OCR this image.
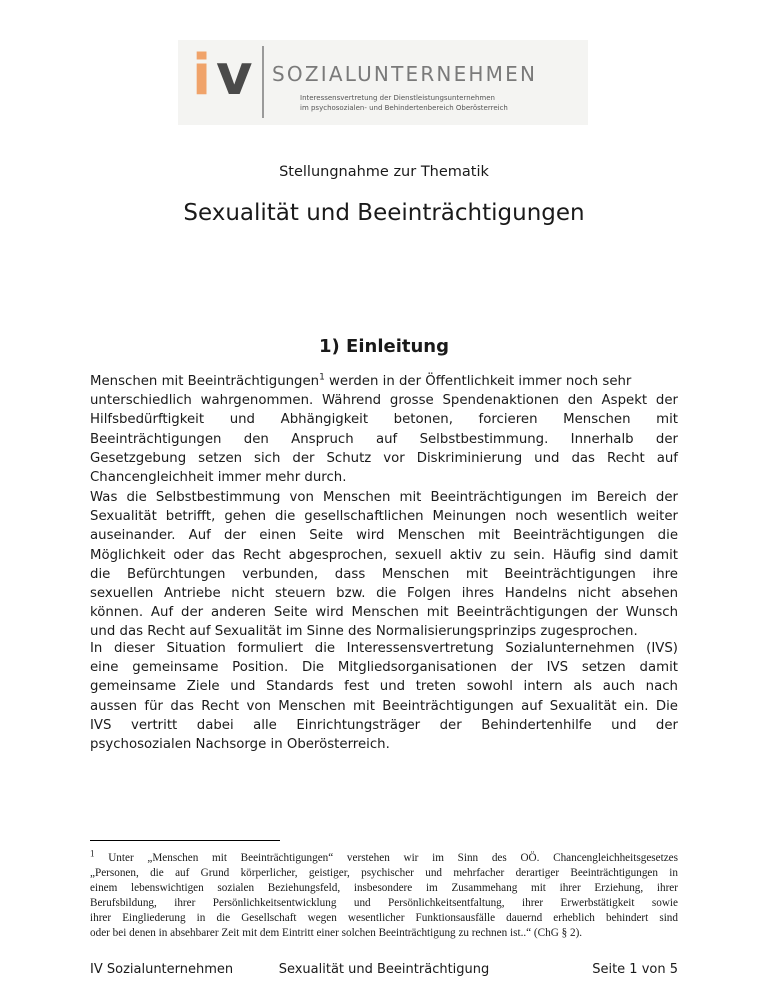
i v SOZIALUNTERNEHMEN
Interessensvertretung der Dienstleistungsunternehmen
im psychosozialen- und Behindertenbereich Oberösterreich
Stellungnahme zur Thematik
Sexualität und Beeinträchtigungen
1) Einleitung
Menschen mit Beeinträchtigungen$^1$ werden in der Öffentlichkeit immer noch sehr
unterschiedlich wahrgenommen. Während grosse Spendenaktionen den Aspekt der
Hilfsbedürftigkeit und Abhängigkeit betonen, forcieren Menschen mit
Beeinträchtigungen den Anspruch auf Selbstbestimmung. Innerhalb der
Gesetzgebung setzen sich der Schutz vor Diskriminierung und das Recht auf
Chancengleichheit immer mehr durch.
Was die Selbstbestimmung von Menschen mit Beeinträchtigungen im Bereich der
Sexualität betrifft, gehen die gesellschaftlichen Meinungen noch wesentlich weiter
auseinander. Auf der einen Seite wird Menschen mit Beeinträchtigungen die
Möglichkeit oder das Recht abgesprochen, sexuell aktiv zu sein. Häufig sind damit
die Befürchtungen verbunden, dass Menschen mit Beeinträchtigungen ihre
sexuellen Antriebe nicht steuern bzw. die Folgen ihres Handelns nicht absehen
können. Auf der anderen Seite wird Menschen mit Beeinträchtigungen der Wunsch
und das Recht auf Sexualität im Sinne des Normalisierungsprinzips zugesprochen.
In dieser Situation formuliert die Interessensvertretung Sozialunternehmen (IVS)
eine gemeinsame Position. Die Mitgliedsorganisationen der IVS setzen damit
gemeinsame Ziele und Standards fest und treten sowohl intern als auch nach
aussen für das Recht von Menschen mit Beeinträchtigungen auf Sexualität ein. Die
IVS vertritt dabei alle Einrichtungsträger der Behindertenhilfe und der
psychosozialen Nachsorge in Oberösterreich.
$^1$ Unter „Menschen mit Beeinträchtigungen“ verstehen wir im Sinn des OÖ. Chancengleichheitsgesetzes
„Personen, die auf Grund körperlicher, geistiger, psychischer und mehrfacher derartiger Beeinträchtigungen in
einem lebenswichtigen sozialen Beziehungsfeld, insbesondere im Zusammehang mit ihrer Erziehung, ihrer
Berufsbildung, ihrer Persönlichkeitsentwicklung und Persönlichkeitsentfaltung, ihrer Erwerbstätigkeit sowie
ihrer Eingliederung in die Gesellschaft wegen wesentlicher Funktionsausfälle dauernd erheblich behindert sind
oder bei denen in absehbarer Zeit mit dem Eintritt einer solchen Beeinträchtigung zu rechnen ist..“ (ChG § 2).
IV Sozialunternehmen	Sexualität und Beeinträchtigung	Seite 1 von 5
